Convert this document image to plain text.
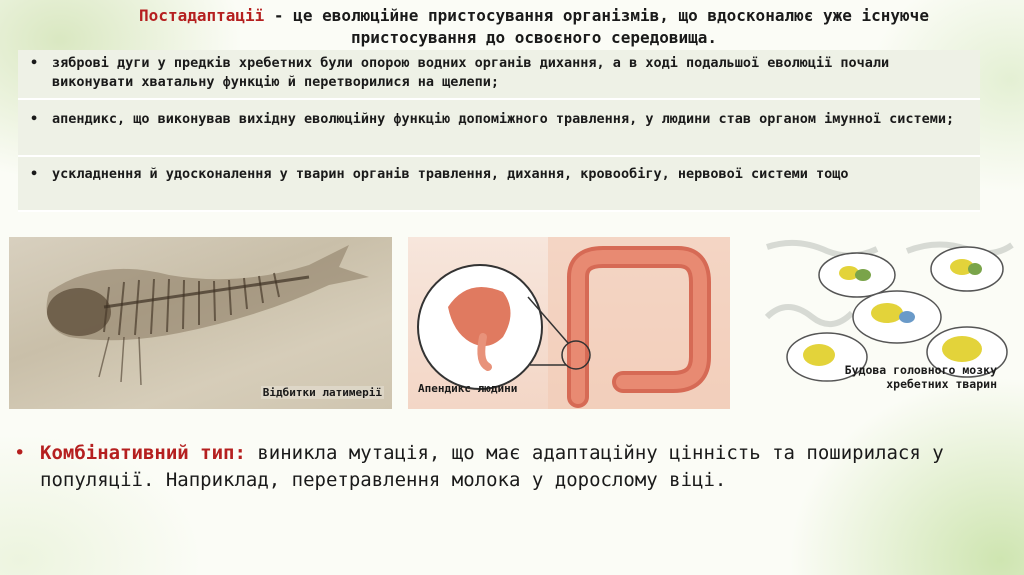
Постадаптації - це еволюційне пристосування організмів, що вдосконалює уже існуюче пристосування до освоєного середовища.
• зяброві дуги у предків хребетних були опорою водних органів дихання, а в ході подальшої еволюції почали виконувати хватальну функцію й перетворилися на щелепи;
• апендикс, що виконував вихідну еволюційну функцію допоміжного травлення, у людини став органом імунної системи;
• ускладнення й удосконалення у тварин органів травлення, дихання, кровообігу, нервової системи тощо
Відбитки латимерії	Апендикс людини
Будова головного мозку хребетних тварин
• Комбінативний тип: виникла мутація, що має адаптаційну цінність та поширилася у популяції. Наприклад, перетравлення молока у дорослому віці.
